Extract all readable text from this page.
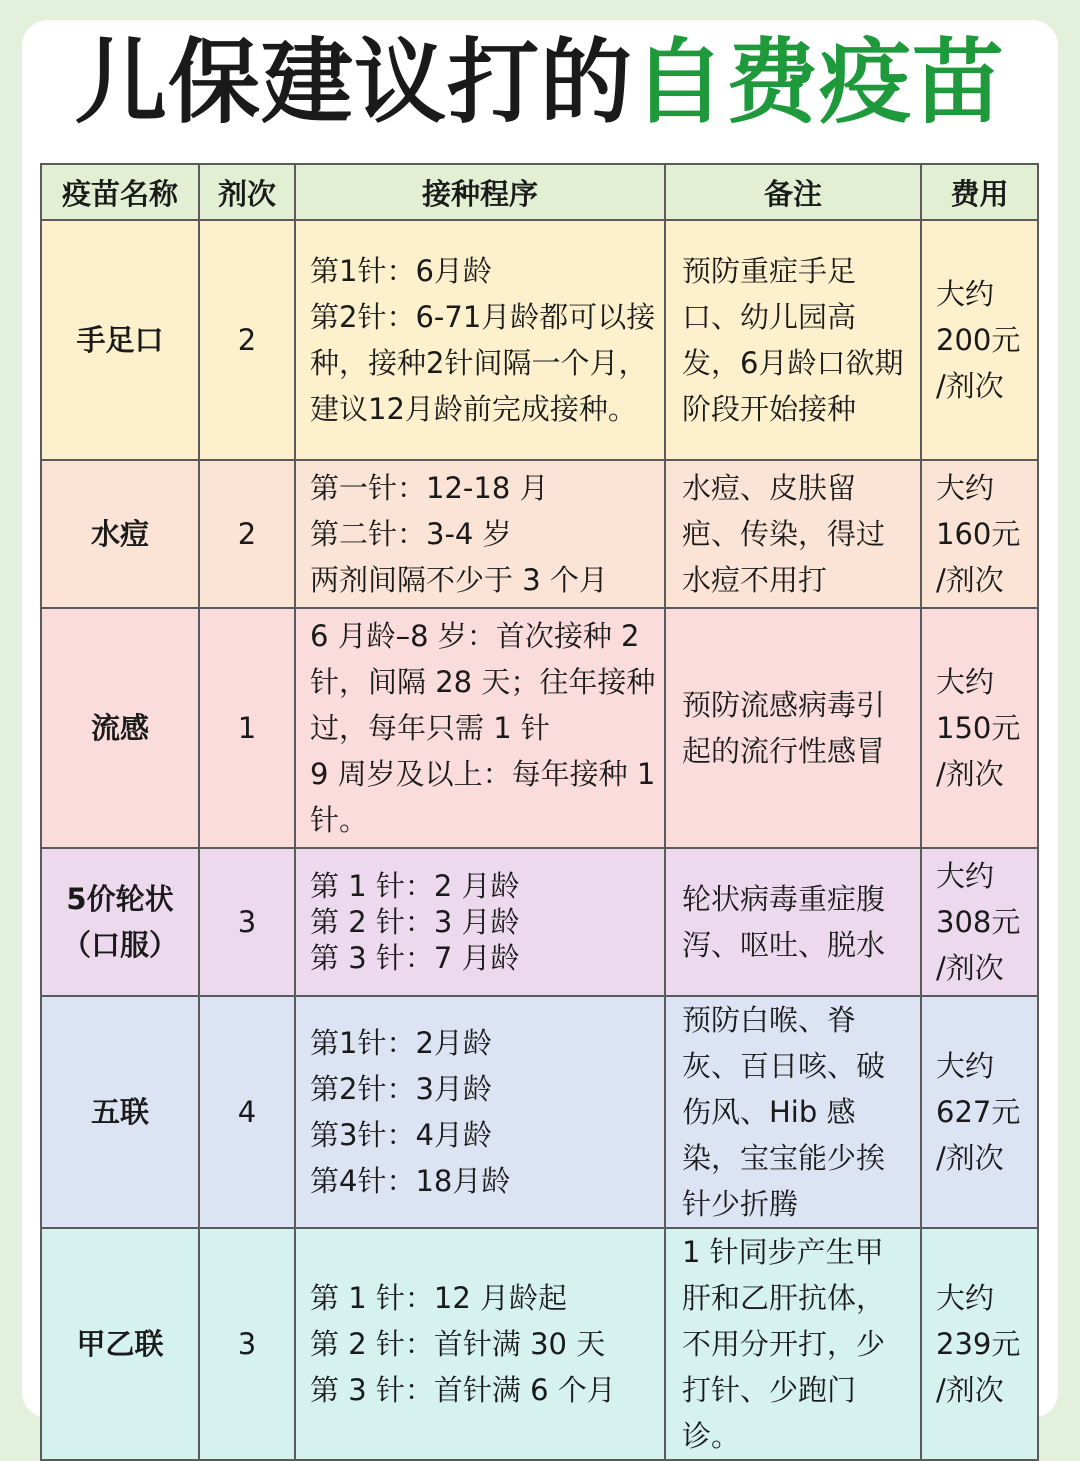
儿保建议打的自费疫苗
疫苗名称	剂次	接种程序	备注	费用
手足口	2	第1针：6月龄
第2针：6-71月龄都可以接种，接种2针间隔一个月，建议12月龄前完成接种。	预防重症手足口、幼儿园高发，6月龄口欲期阶段开始接种	大约
200元
/剂次

水痘	2	第一针：12-18 月
第二针：3-4 岁
两剂间隔不少于 3 个月	水痘、皮肤留疤、传染，得过水痘不用打	大约
160元
/剂次

流感	1	6 月龄–8 岁：首次接种 2 针，间隔 28 天；往年接种过，每年只需 1 针
9 周岁及以上：每年接种 1 针。	预防流感病毒引起的流行性感冒	大约
150元
/剂次

5价轮状
（口服）	3	第 1 针：2 月龄
第 2 针：3 月龄
第 3 针：7 月龄	轮状病毒重症腹泻、呕吐、脱水	大约
308元
/剂次

五联	4	第1针：2月龄
第2针：3月龄
第3针：4月龄
第4针：18月龄	预防白喉、脊灰、百日咳、破伤风、Hib 感染，宝宝能少挨针少折腾	大约
627元
/剂次

甲乙联	3	第 1 针：12 月龄起
第 2 针：首针满 30 天
第 3 针：首针满 6 个月	1 针同步产生甲肝和乙肝抗体，不用分开打，少打针、少跑门诊。	大约
239元
/剂次
